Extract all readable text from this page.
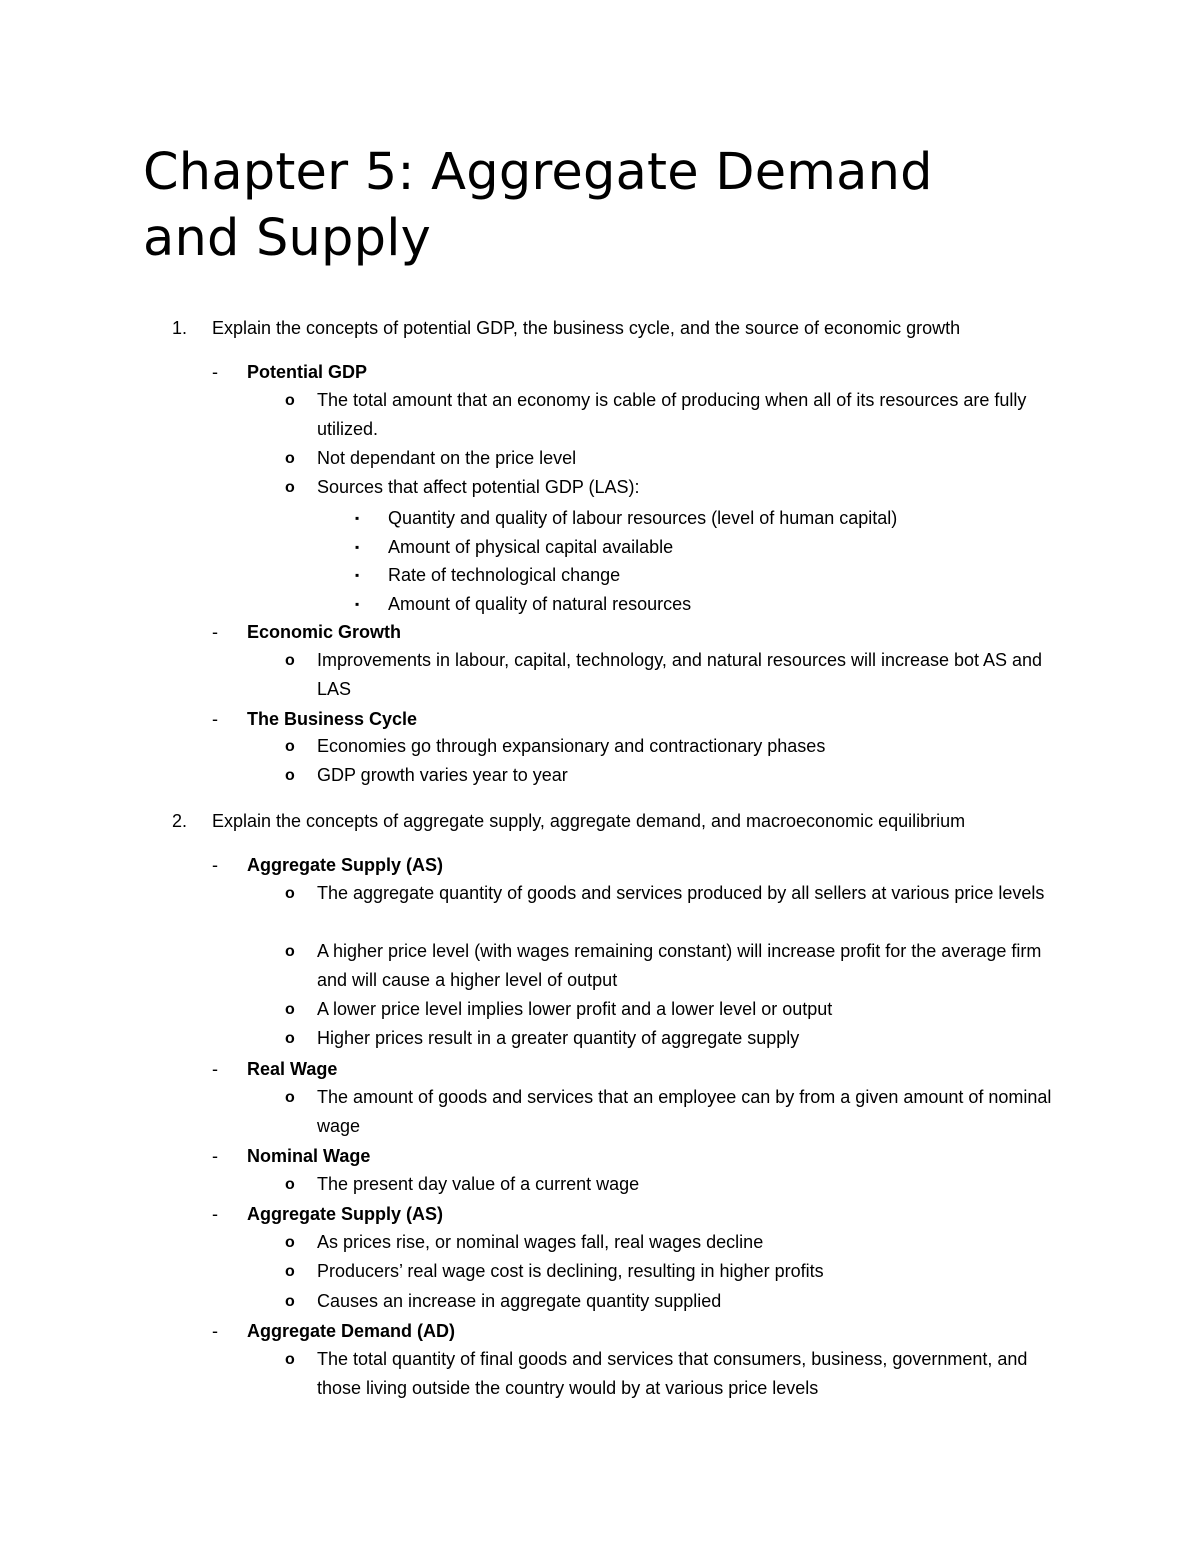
Chapter 5: Aggregate Demand and Supply
1. Explain the concepts of potential GDP, the business cycle, and the source of economic growth
- Potential GDP
o The total amount that an economy is cable of producing when all of its resources are fully utilized.
o Not dependant on the price level
o Sources that affect potential GDP (LAS):
▪ Quantity and quality of labour resources (level of human capital)
▪ Amount of physical capital available
▪ Rate of technological change
▪ Amount of quality of natural resources
- Economic Growth
o Improvements in labour, capital, technology, and natural resources will increase bot AS and LAS
- The Business Cycle
o Economies go through expansionary and contractionary phases
o GDP growth varies year to year
2. Explain the concepts of aggregate supply, aggregate demand, and macroeconomic equilibrium
- Aggregate Supply (AS)
o The aggregate quantity of goods and services produced by all sellers at various price levels
o A higher price level (with wages remaining constant) will increase profit for the average firm and will cause a higher level of output
o A lower price level implies lower profit and a lower level or output
o Higher prices result in a greater quantity of aggregate supply
- Real Wage
o The amount of goods and services that an employee can by from a given amount of nominal wage
- Nominal Wage
o The present day value of a current wage
- Aggregate Supply (AS)
o As prices rise, or nominal wages fall, real wages decline
o Producers’ real wage cost is declining, resulting in higher profits
o Causes an increase in aggregate quantity supplied
- Aggregate Demand (AD)
o The total quantity of final goods and services that consumers, business, government, and those living outside the country would by at various price levels
